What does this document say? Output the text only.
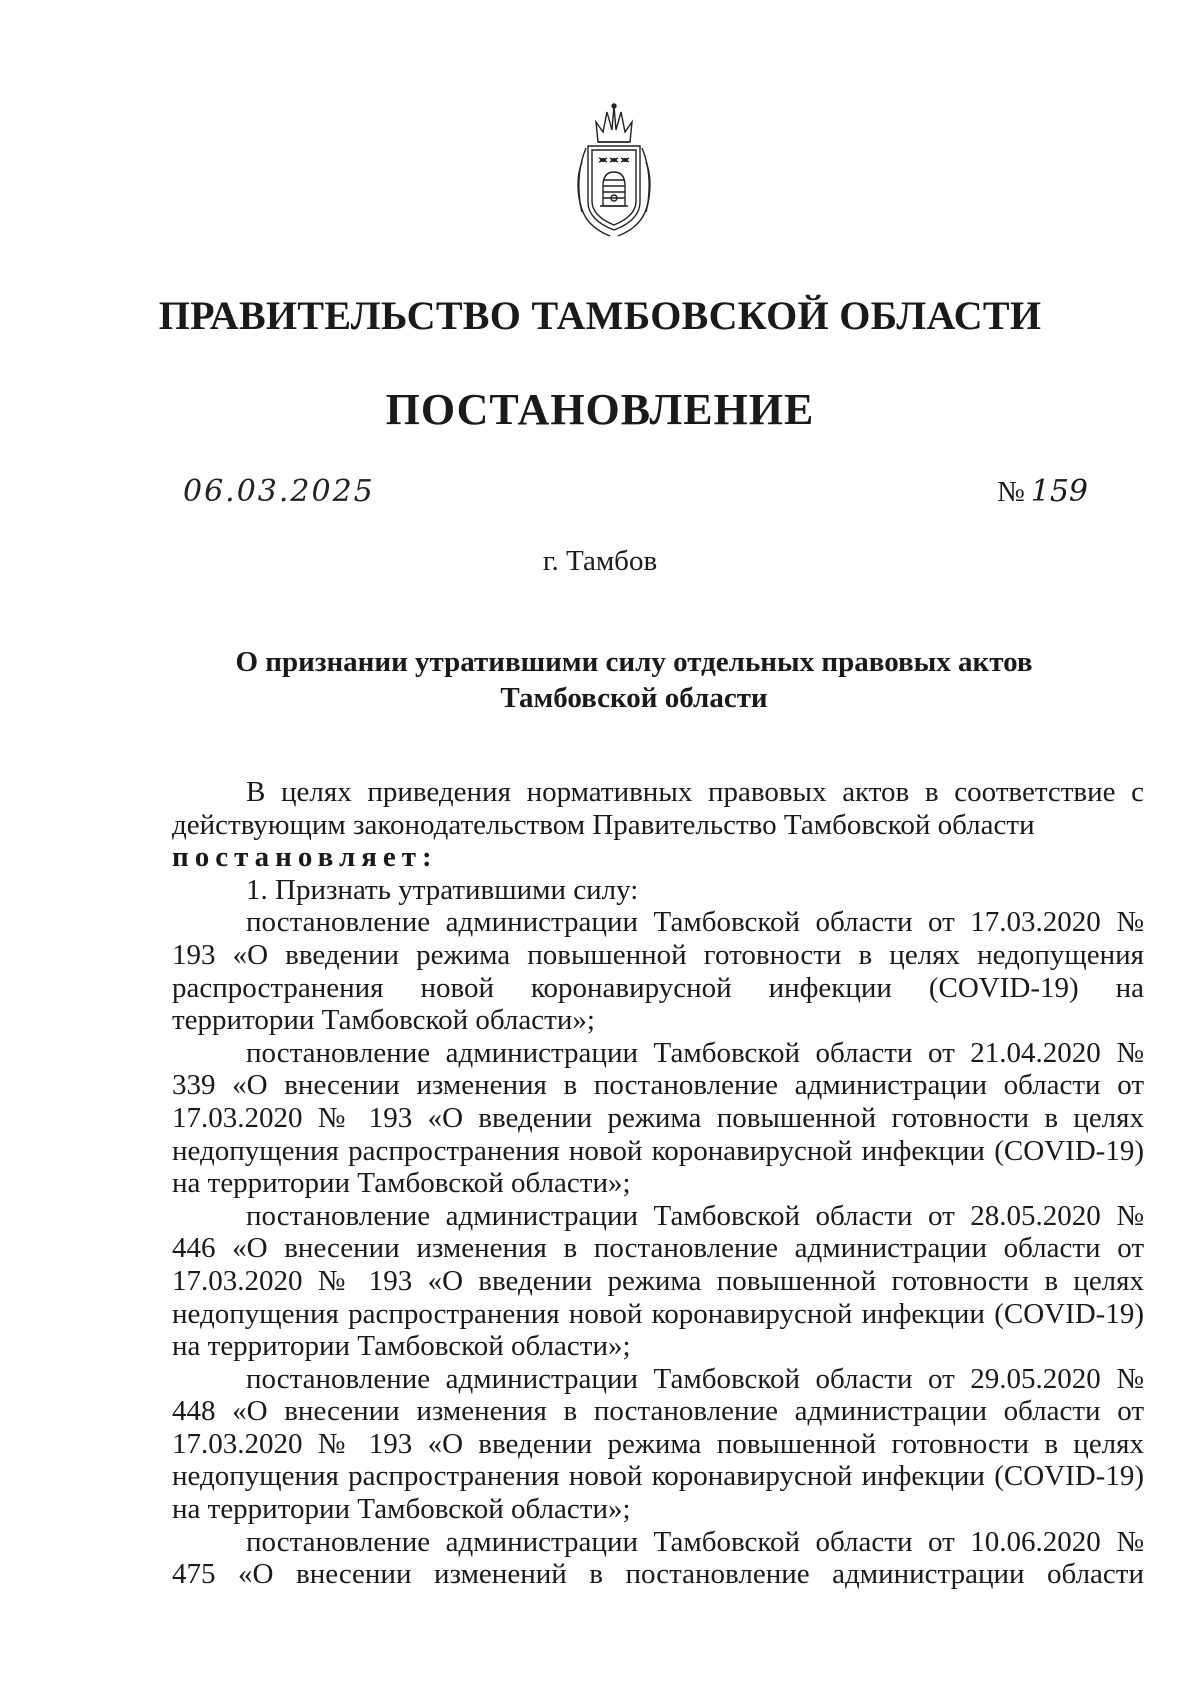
ПРАВИТЕЛЬСТВО ТАМБОВСКОЙ ОБЛАСТИ
ПОСТАНОВЛЕНИЕ
06.03.2025	№ 159
г. Тамбов
О признании утратившими силу отдельных правовых актов
Тамбовской области

В целях приведения нормативных правовых актов в соответствие с действующим законодательством Правительство Тамбовской области

постановляет:

1. Признать утратившими силу:

постановление администрации Тамбовской области от 17.03.2020 № 193 «О введении режима повышенной готовности в целях недопущения распространения новой коронавирусной инфекции (COVID-19) на территории Тамбовской области»;

постановление администрации Тамбовской области от 21.04.2020 № 339 «О внесении изменения в постановление администрации области от 17.03.2020 № 193 «О введении режима повышенной готовности в целях недопущения распространения новой коронавирусной инфекции (COVID-19) на территории Тамбовской области»;

постановление администрации Тамбовской области от 28.05.2020 № 446 «О внесении изменения в постановление администрации области от 17.03.2020 № 193 «О введении режима повышенной готовности в целях недопущения распространения новой коронавирусной инфекции (COVID-19) на территории Тамбовской области»;

постановление администрации Тамбовской области от 29.05.2020 № 448 «О внесении изменения в постановление администрации области от 17.03.2020 № 193 «О введении режима повышенной готовности в целях недопущения распространения новой коронавирусной инфекции (COVID-19) на территории Тамбовской области»;

постановление администрации Тамбовской области от 10.06.2020 № 475 «О внесении изменений в постановление администрации области
